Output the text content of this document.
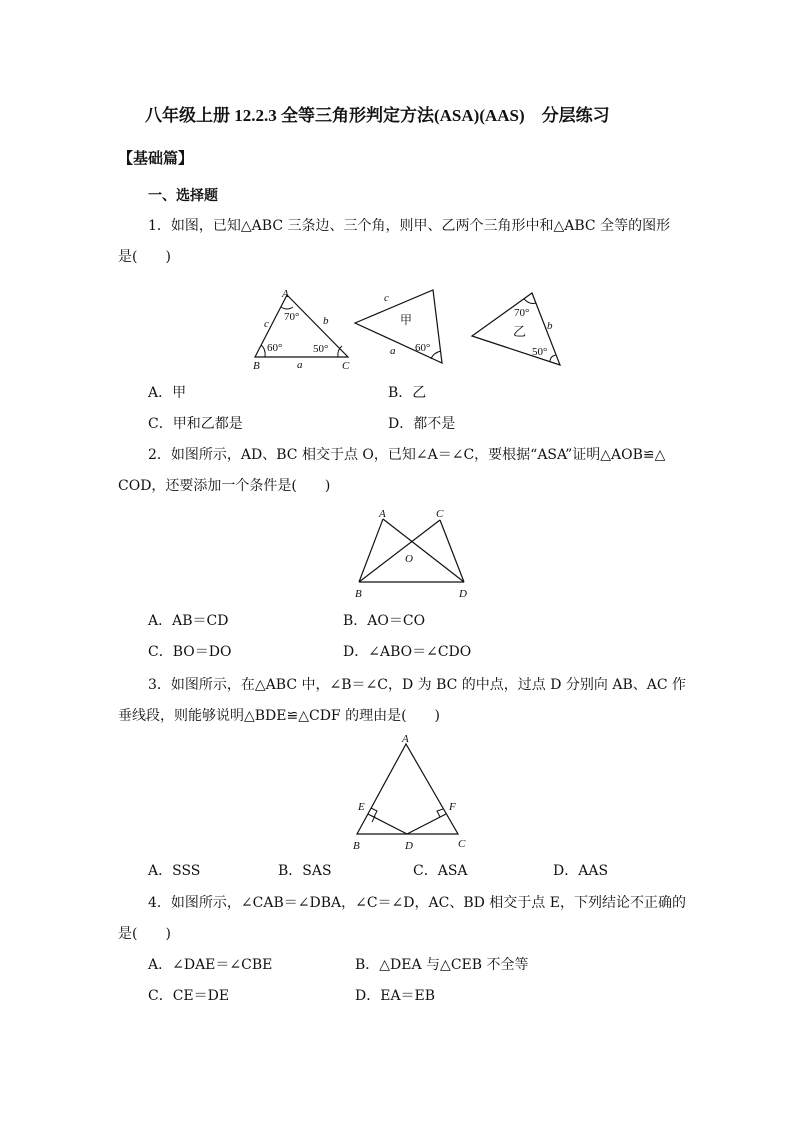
八年级上册 12.2.3 全等三角形判定方法(ASA)(AAS)　分层练习
【基础篇】
一、选择题
1．如图，已知△ABC 三条边、三个角，则甲、乙两个三角形中和△ABC 全等的图形
是(　　)
A
B	C
a
b
c
70°
60°	50°
c
a
甲
60°
b
乙
70°
50°
A．甲	B．乙
C．甲和乙都是	D．都不是
2．如图所示，AD、BC 相交于点 O，已知∠A＝∠C，要根据“ASA”证明△AOB≌△
COD，还要添加一个条件是(　　)
A	C
O
B	D
A．AB＝CD	B．AO＝CO
C．BO＝DO	D．∠ABO＝∠CDO
3．如图所示，在△ABC 中，∠B＝∠C，D 为 BC 的中点，过点 D 分别向 AB、AC 作
垂线段，则能够说明△BDE≌△CDF 的理由是(　　)
A
E	F
B	D	C
A．SSS	B．SAS	C．ASA	D．AAS
4．如图所示，∠CAB＝∠DBA，∠C＝∠D，AC、BD 相交于点 E，下列结论不正确的
是(　　)
A．∠DAE＝∠CBE	B．△DEA 与△CEB 不全等
C．CE＝DE	D．EA＝EB
